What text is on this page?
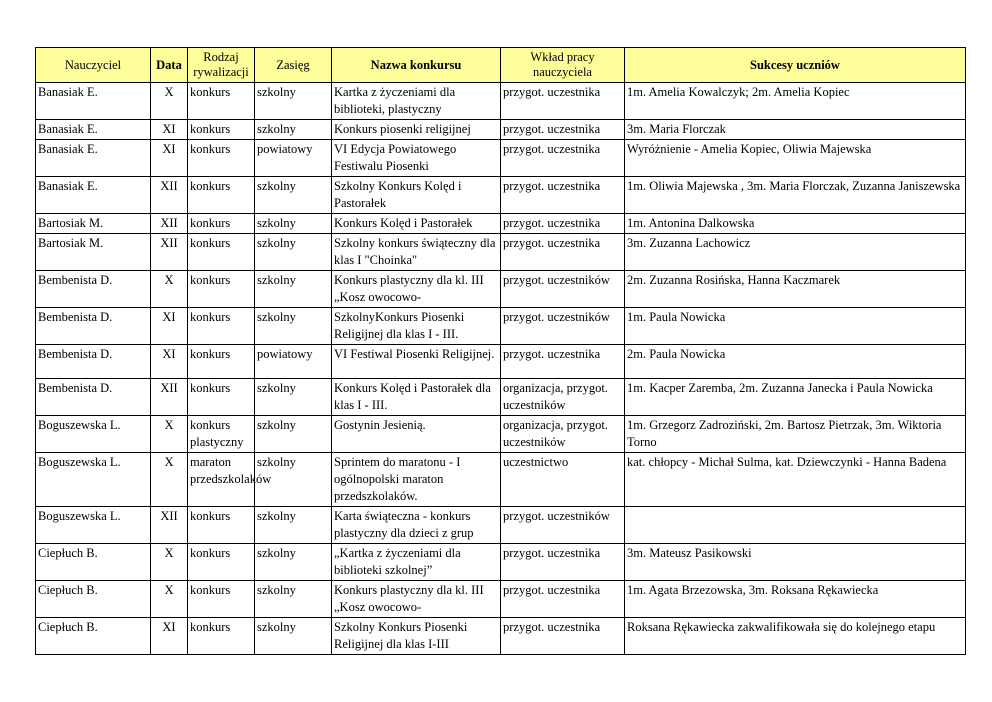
Nauczyciel	Data	Rodzaj rywalizacji	Zasięg	Nazwa konkursu	Wkład pracy nauczyciela	Sukcesy uczniów
Banasiak E.	X	konkurs	szkolny	Kartka z życzeniami dla biblioteki, plastyczny	przygot. uczestnika	1m. Amelia Kowalczyk; 2m. Amelia Kopiec
Banasiak E.	XI	konkurs	szkolny	Konkurs piosenki religijnej	przygot. uczestnika	3m. Maria Florczak
Banasiak E.	XI	konkurs	powiatowy	VI Edycja Powiatowego Festiwalu Piosenki	przygot. uczestnika	Wyróżnienie - Amelia Kopiec, Oliwia Majewska
Banasiak E.	XII	konkurs	szkolny	Szkolny Konkurs Kolęd i Pastorałek	przygot. uczestnika	1m. Oliwia Majewska , 3m. Maria Florczak, Zuzanna Janiszewska
Bartosiak M.	XII	konkurs	szkolny	Konkurs Kolęd i Pastorałek	przygot. uczestnika	1m. Antonina Dalkowska
Bartosiak M.	XII	konkurs	szkolny	Szkolny konkurs świąteczny dla klas I "Choinka"	przygot. uczestnika	3m. Zuzanna Lachowicz
Bembenista D.	X	konkurs	szkolny	Konkurs plastyczny dla kl. III „Kosz owocowo-	przygot. uczestników	2m. Zuzanna Rosińska, Hanna Kaczmarek
Bembenista D.	XI	konkurs	szkolny	SzkolnyKonkurs Piosenki Religijnej dla klas I - III.	przygot. uczestników	1m. Paula Nowicka
Bembenista D.	XI	konkurs	powiatowy	VI Festiwal Piosenki Religijnej.	przygot. uczestnika	2m. Paula Nowicka
Bembenista D.	XII	konkurs	szkolny	Konkurs Kolęd i Pastorałek dla klas I - III.	organizacja, przygot. uczestników	1m. Kacper Zaremba, 2m. Zuzanna Janecka i Paula Nowicka
Boguszewska L.	X	konkurs plastyczny	szkolny	Gostynin Jesienią.	organizacja, przygot. uczestników	1m. Grzegorz Zadroziński, 2m. Bartosz Pietrzak, 3m. Wiktoria Torno
Boguszewska L.	X	maraton przedszkolaków	szkolny	Sprintem do maratonu - I ogólnopolski maraton przedszkolaków.	uczestnictwo	kat. chłopcy - Michał Sulma, kat. Dziewczynki - Hanna Badena
Boguszewska L.	XII	konkurs	szkolny	Karta świąteczna - konkurs plastyczny dla dzieci z grup	przygot. uczestników	
Ciepłuch B.	X	konkurs	szkolny	„Kartka z życzeniami dla biblioteki szkolnej”	przygot. uczestnika	3m. Mateusz Pasikowski
Ciepłuch B.	X	konkurs	szkolny	Konkurs plastyczny dla kl. III „Kosz owocowo-	przygot. uczestnika	1m. Agata Brzezowska, 3m. Roksana Rękawiecka
Ciepłuch B.	XI	konkurs	szkolny	Szkolny Konkurs Piosenki Religijnej dla klas I-III	przygot. uczestnika	Roksana Rękawiecka zakwalifikowała się do kolejnego etapu
